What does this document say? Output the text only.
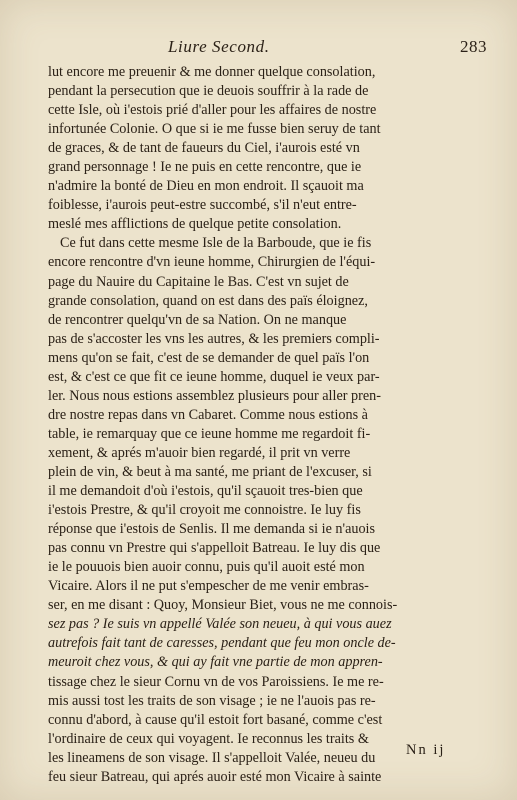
Liure Second.	283
lut encore me preuenir & me donner quelque consolation,
pendant la persecution que ie deuois souffrir à la rade de
cette Isle, où i'estois prié d'aller pour les affaires de nostre
infortunée Colonie. O que si ie me fusse bien seruy de tant
de graces, & de tant de faueurs du Ciel, i'aurois esté vn
grand personnage ! Ie ne puis en cette rencontre, que ie
n'admire la bonté de Dieu en mon endroit. Il sçauoit ma
foiblesse, i'aurois peut-estre succombé, s'il n'eut entre-
meslé mes afflictions de quelque petite consolation.
Ce fut dans cette mesme Isle de la Barboude, que ie fis
encore rencontre d'vn ieune homme, Chirurgien de l'équi-
page du Nauire du Capitaine le Bas. C'est vn sujet de
grande consolation, quand on est dans des païs éloignez,
de rencontrer quelqu'vn de sa Nation. On ne manque
pas de s'accoster les vns les autres, & les premiers compli-
mens qu'on se fait, c'est de se demander de quel païs l'on
est, & c'est ce que fit ce ieune homme, duquel ie veux par-
ler. Nous nous estions assemblez plusieurs pour aller pren-
dre nostre repas dans vn Cabaret. Comme nous estions à
table, ie remarquay que ce ieune homme me regardoit fi-
xement, & aprés m'auoir bien regardé, il prit vn verre
plein de vin, & beut à ma santé, me priant de l'excuser, si
il me demandoit d'où i'estois, qu'il sçauoit tres-bien que
i'estois Prestre, & qu'il croyoit me connoistre. Ie luy fis
réponse que i'estois de Senlis. Il me demanda si ie n'auois
pas connu vn Prestre qui s'appelloit Batreau. Ie luy dis que
ie le pouuois bien auoir connu, puis qu'il auoit esté mon
Vicaire. Alors il ne put s'empescher de me venir embras-
ser, en me disant : Quoy, Monsieur Biet, vous ne me connois-
sez pas ? Ie suis vn appellé Valée son neueu, à qui vous auez
autrefois fait tant de caresses, pendant que feu mon oncle de-
meuroit chez vous, & qui ay fait vne partie de mon appren-
tissage chez le sieur Cornu vn de vos Paroissiens. Ie me re-
mis aussi tost les traits de son visage ; ie ne l'auois pas re-
connu d'abord, à cause qu'il estoit fort basané, comme c'est
l'ordinaire de ceux qui voyagent. Ie reconnus les traits &
les lineamens de son visage. Il s'appelloit Valée, neueu du
feu sieur Batreau, qui aprés auoir esté mon Vicaire à sainte
Nn ij
